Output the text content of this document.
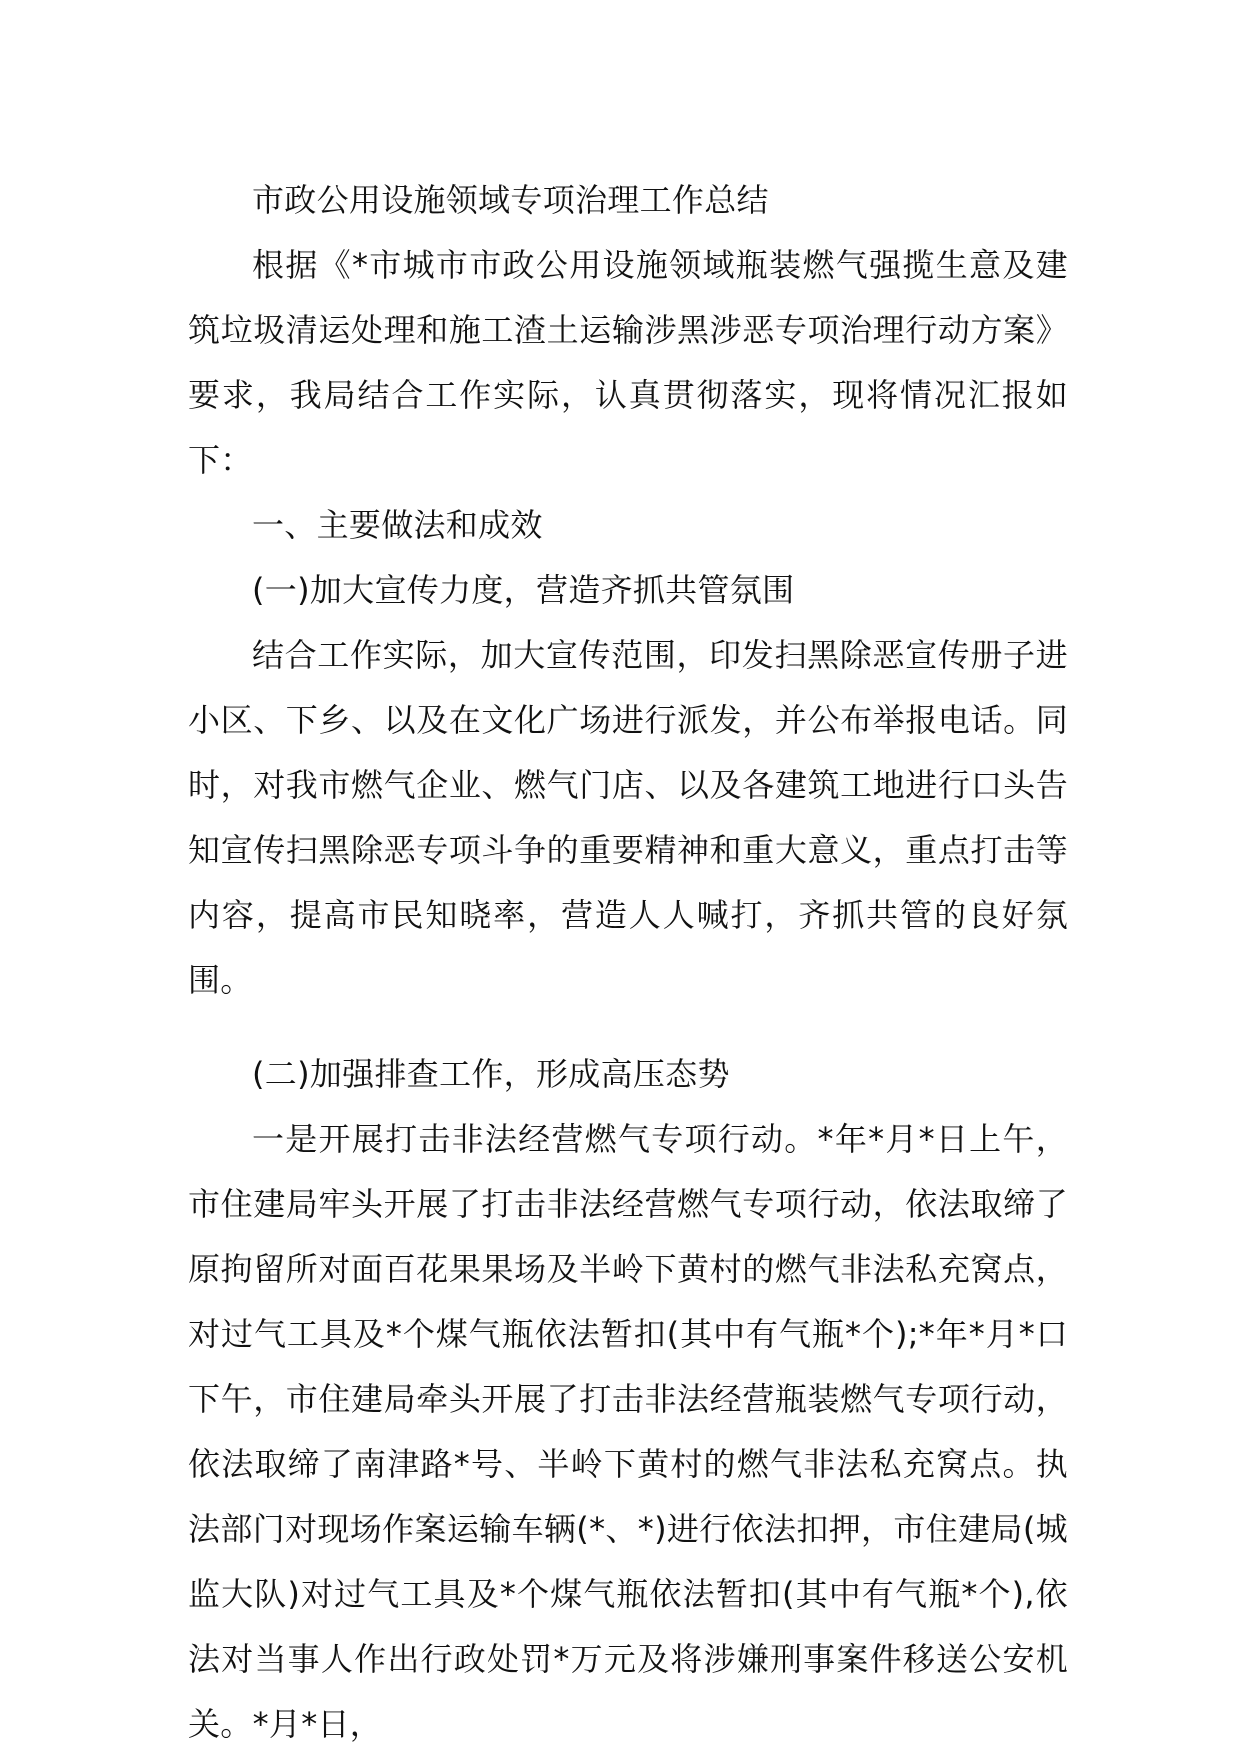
市政公用设施领域专项治理工作总结

根据《*市城市市政公用设施领域瓶装燃气强揽生意及建筑垃圾清运处理和施工渣土运输涉黑涉恶专项治理行动方案》要求，我局结合工作实际，认真贯彻落实，现将情况汇报如下：

一、主要做法和成效

(一)加大宣传力度，营造齐抓共管氛围

结合工作实际，加大宣传范围，印发扫黑除恶宣传册子进小区、下乡、以及在文化广场进行派发，并公布举报电话。同时，对我市燃气企业、燃气门店、以及各建筑工地进行口头告知宣传扫黑除恶专项斗争的重要精神和重大意义，重点打击等内容，提高市民知晓率，营造人人喊打，齐抓共管的良好氛围。

(二)加强排查工作，形成高压态势

一是开展打击非法经营燃气专项行动。*年*月*日上午，市住建局牢头开展了打击非法经营燃气专项行动，依法取缔了原拘留所对面百花果果场及半岭下黄村的燃气非法私充窝点，对过气工具及*个煤气瓶依法暂扣(其中有气瓶*个);*年*月*口下午，市住建局牵头开展了打击非法经营瓶装燃气专项行动，依法取缔了南津路*号、半岭下黄村的燃气非法私充窝点。执法部门对现场作案运输车辆(*、*)进行依法扣押，市住建局(城监大队)对过气工具及*个煤气瓶依法暂扣(其中有气瓶*个),依法对当事人作出行政处罚*万元及将涉嫌刑事案件移送公安机关。*月*日，
